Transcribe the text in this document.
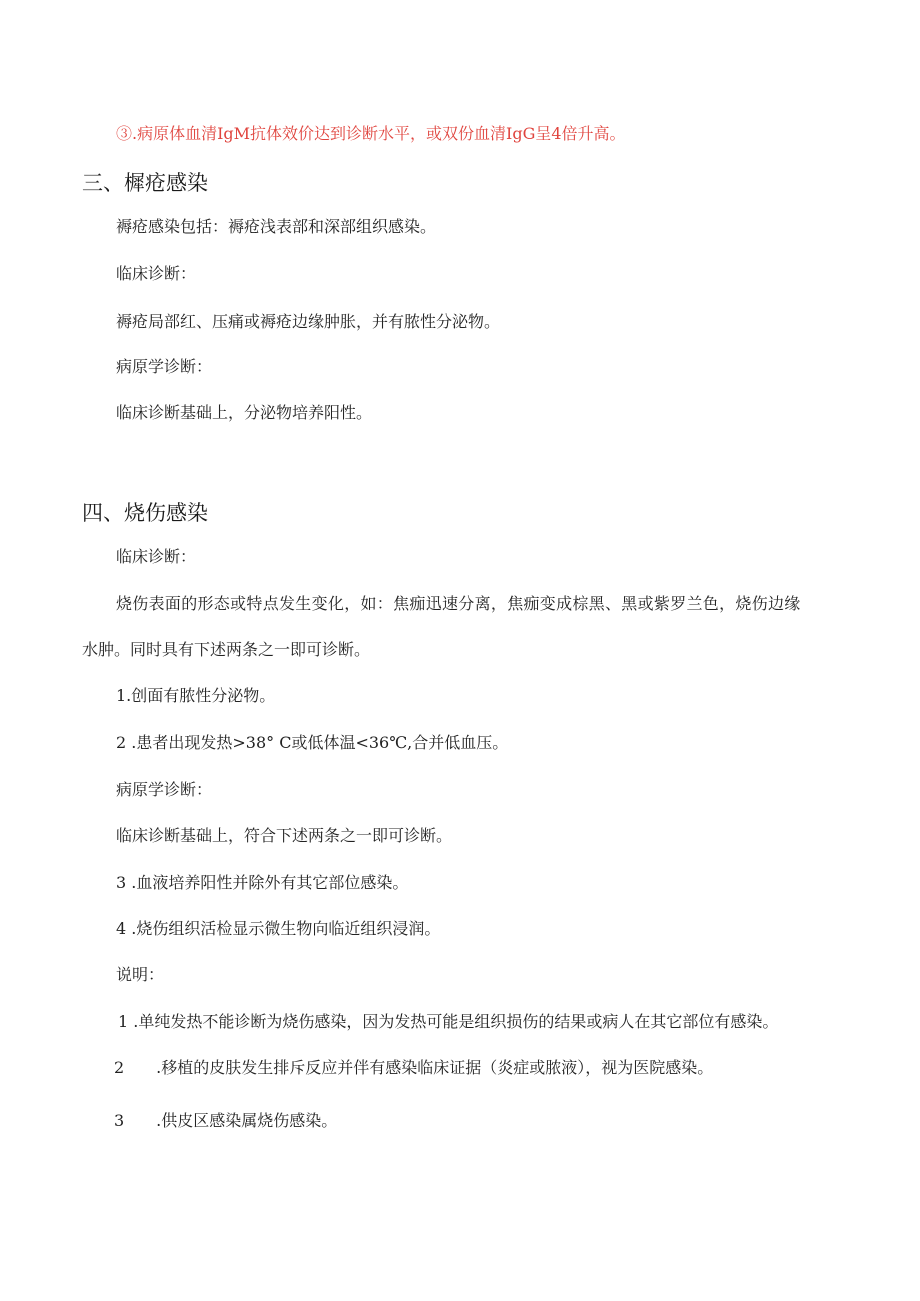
③.病原体血清IgM抗体效价达到诊断水平，或双份血清IgG呈4倍升高。
三、樨疮感染
褥疮感染包括：褥疮浅表部和深部组织感染。
临床诊断：
褥疮局部红、压痛或褥疮边缘肿胀，并有脓性分泌物。
病原学诊断：
临床诊断基础上，分泌物培养阳性。
四、烧伤感染
临床诊断：
烧伤表面的形态或特点发生变化，如：焦痂迅速分离，焦痂变成棕黑、黑或紫罗兰色，烧伤边缘
水肿。同时具有下述两条之一即可诊断。
1.创面有脓性分泌物。
2 .患者出现发热>38° C或低体温<36℃,合并低血压。
病原学诊断：
临床诊断基础上，符合下述两条之一即可诊断。
3 .血液培养阳性并除外有其它部位感染。
4 .烧伤组织活检显示微生物向临近组织浸润。
说明：
1 .单纯发热不能诊断为烧伤感染，因为发热可能是组织损伤的结果或病人在其它部位有感染。
2　　.移植的皮肤发生排斥反应并伴有感染临床证据（炎症或脓液），视为医院感染。
3　　.供皮区感染属烧伤感染。
